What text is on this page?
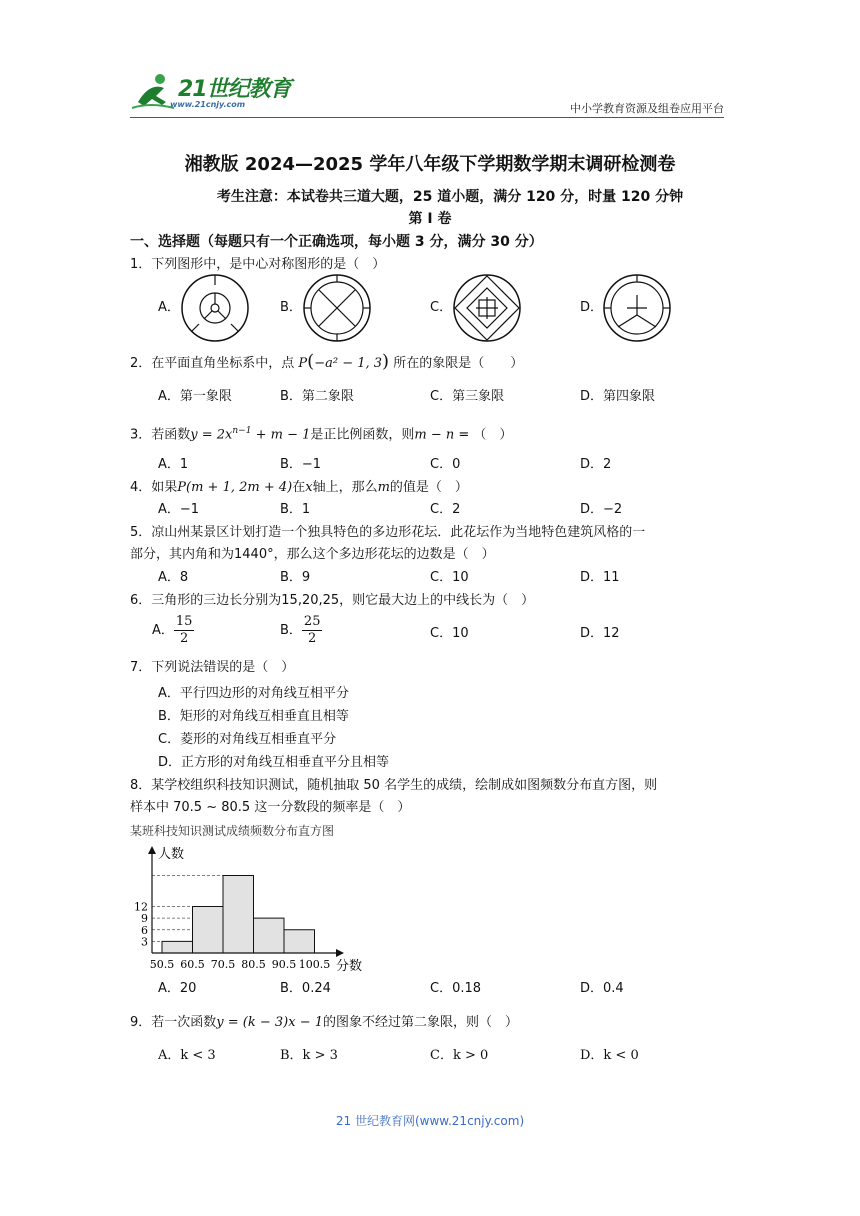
21世纪教育
www.21cnjy.com	中小学教育资源及组卷应用平台
湘教版 2024—2025 学年八年级下学期数学期末调研检测卷
考生注意：本试卷共三道大题，25 道小题，满分 120 分，时量 120 分钟
第 I 卷
一、选择题（每题只有一个正确选项，每小题 3 分，满分 30 分）
1．下列图形中，是中心对称图形的是（　）
A．	B．	C．	D．
2．在平面直角坐标系中，点 P(−a² − 1, 3) 所在的象限是（　　）
A．第一象限	B．第二象限	C．第三象限	D．第四象限
3．若函数$y = 2x^{n-1} + m - 1$是正比例函数，则m − n = （　）
A．1	B．−1	C．0	D．2
4．如果P(m + 1, 2m + 4)在x轴上，那么m的值是（　）
A．−1	B．1	C．2	D．−2
5．凉山州某景区计划打造一个独具特色的多边形花坛．此花坛作为当地特色建筑风格的一
部分，其内角和为1440°，那么这个多边形花坛的边数是（　）
A．8	B．9	C．10	D．11
6．三角形的三边长分别为15,20,25，则它最大边上的中线长为（　）
A． $\frac{15}{2}$	B． $\frac{25}{2}$	C．10	D．12
7．下列说法错误的是（　）
A．平行四边形的对角线互相平分
B．矩形的对角线互相垂直且相等
C．菱形的对角线互相垂直平分
D．正方形的对角线互相垂直平分且相等
8．某学校组织科技知识测试，随机抽取 50 名学生的成绩，绘制成如图频数分布直方图，则
样本中 70.5 ~ 80.5 这一分数段的频率是（　）
某班科技知识测试成绩频数分布直方图
人数
分数
50.5 60.5 70.5 80.5 90.5 100.5
3
6
9
12
A．20	B．0.24	C．0.18	D．0.4
9．若一次函数y = (k − 3)x − 1的图象不经过第二象限，则（　）
A．k < 3	B．k > 3	C．k > 0	D．k < 0
21 世纪教育网(www.21cnjy.com)
